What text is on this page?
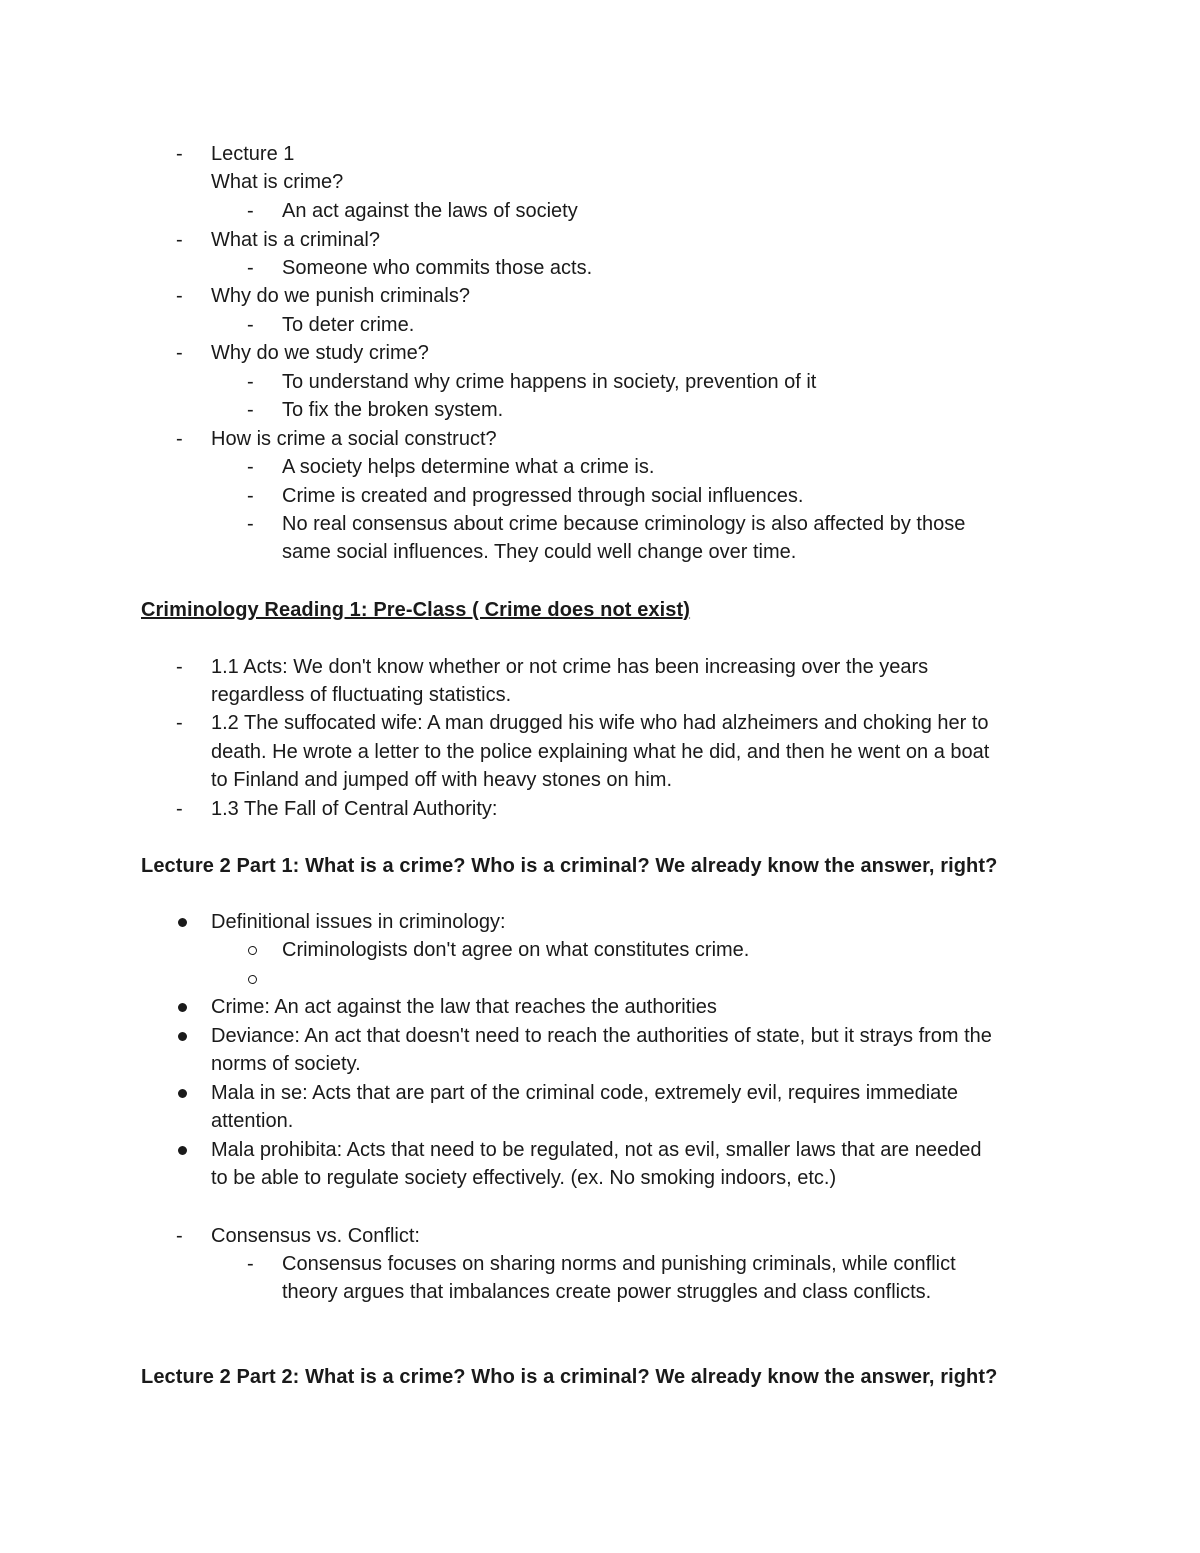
- Lecture 1
What is crime?
- An act against the laws of society
- What is a criminal?
- Someone who commits those acts.
- Why do we punish criminals?
- To deter crime.
- Why do we study crime?
- To understand why crime happens in society, prevention of it
- To fix the broken system.
- How is crime a social construct?
- A society helps determine what a crime is.
- Crime is created and progressed through social influences.
- No real consensus about crime because criminology is also affected by those
same social influences. They could well change over time.
Criminology Reading 1: Pre-Class ( Crime does not exist)
- 1.1 Acts: We don't know whether or not crime has been increasing over the years
regardless of fluctuating statistics.
- 1.2 The suffocated wife: A man drugged his wife who had alzheimers and choking her to
death. He wrote a letter to the police explaining what he did, and then he went on a boat
to Finland and jumped off with heavy stones on him.
- 1.3 The Fall of Central Authority:
Lecture 2 Part 1: What is a crime? Who is a criminal? We already know the answer, right?
Definitional issues in criminology:
Criminologists don't agree on what constitutes crime.
Crime: An act against the law that reaches the authorities
Deviance: An act that doesn't need to reach the authorities of state, but it strays from the
norms of society.
Mala in se: Acts that are part of the criminal code, extremely evil, requires immediate
attention.
Mala prohibita: Acts that need to be regulated, not as evil, smaller laws that are needed
to be able to regulate society effectively. (ex. No smoking indoors, etc.)
- Consensus vs. Conflict:
- Consensus focuses on sharing norms and punishing criminals, while conflict
theory argues that imbalances create power struggles and class conflicts.
Lecture 2 Part 2: What is a crime? Who is a criminal? We already know the answer, right?
